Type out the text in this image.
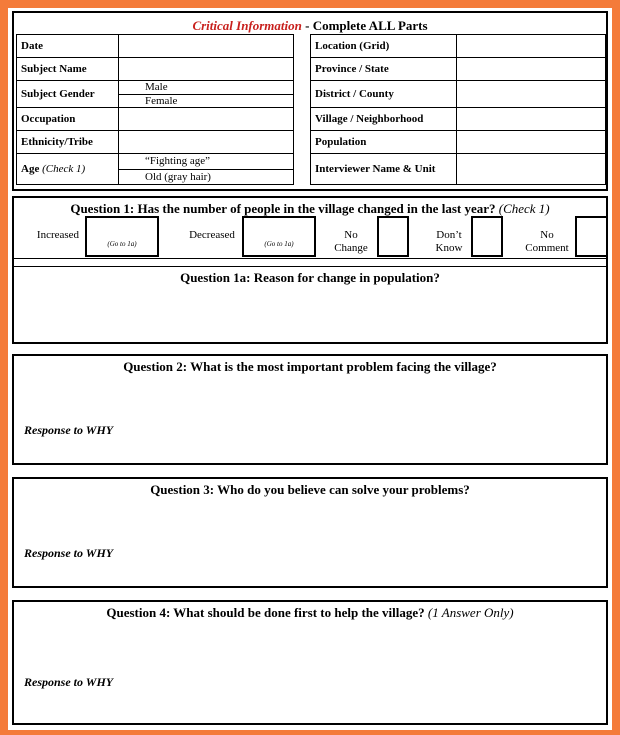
Critical Information - Complete ALL Parts
Date	
Subject Name	
Subject Gender	Male
Female

Occupation	
Ethnicity/Tribe	
Age (Check 1)	“Fighting age”
Old (gray hair)
Location (Grid)	
Province / State	
District / County	
Village / Neighborhood	
Population	
Interviewer Name & Unit	
Question 1: Has the number of people in the village changed in the last year? (Check 1)
Increased
(Go to 1a)
Decreased
(Go to 1a)
No
Change
Don’t
Know
No
Comment
Question 1a: Reason for change in population?
Question 2: What is the most important problem facing the village?
Response to WHY
Question 3: Who do you believe can solve your problems?
Response to WHY
Question 4: What should be done first to help the village? (1 Answer Only)
Response to WHY
